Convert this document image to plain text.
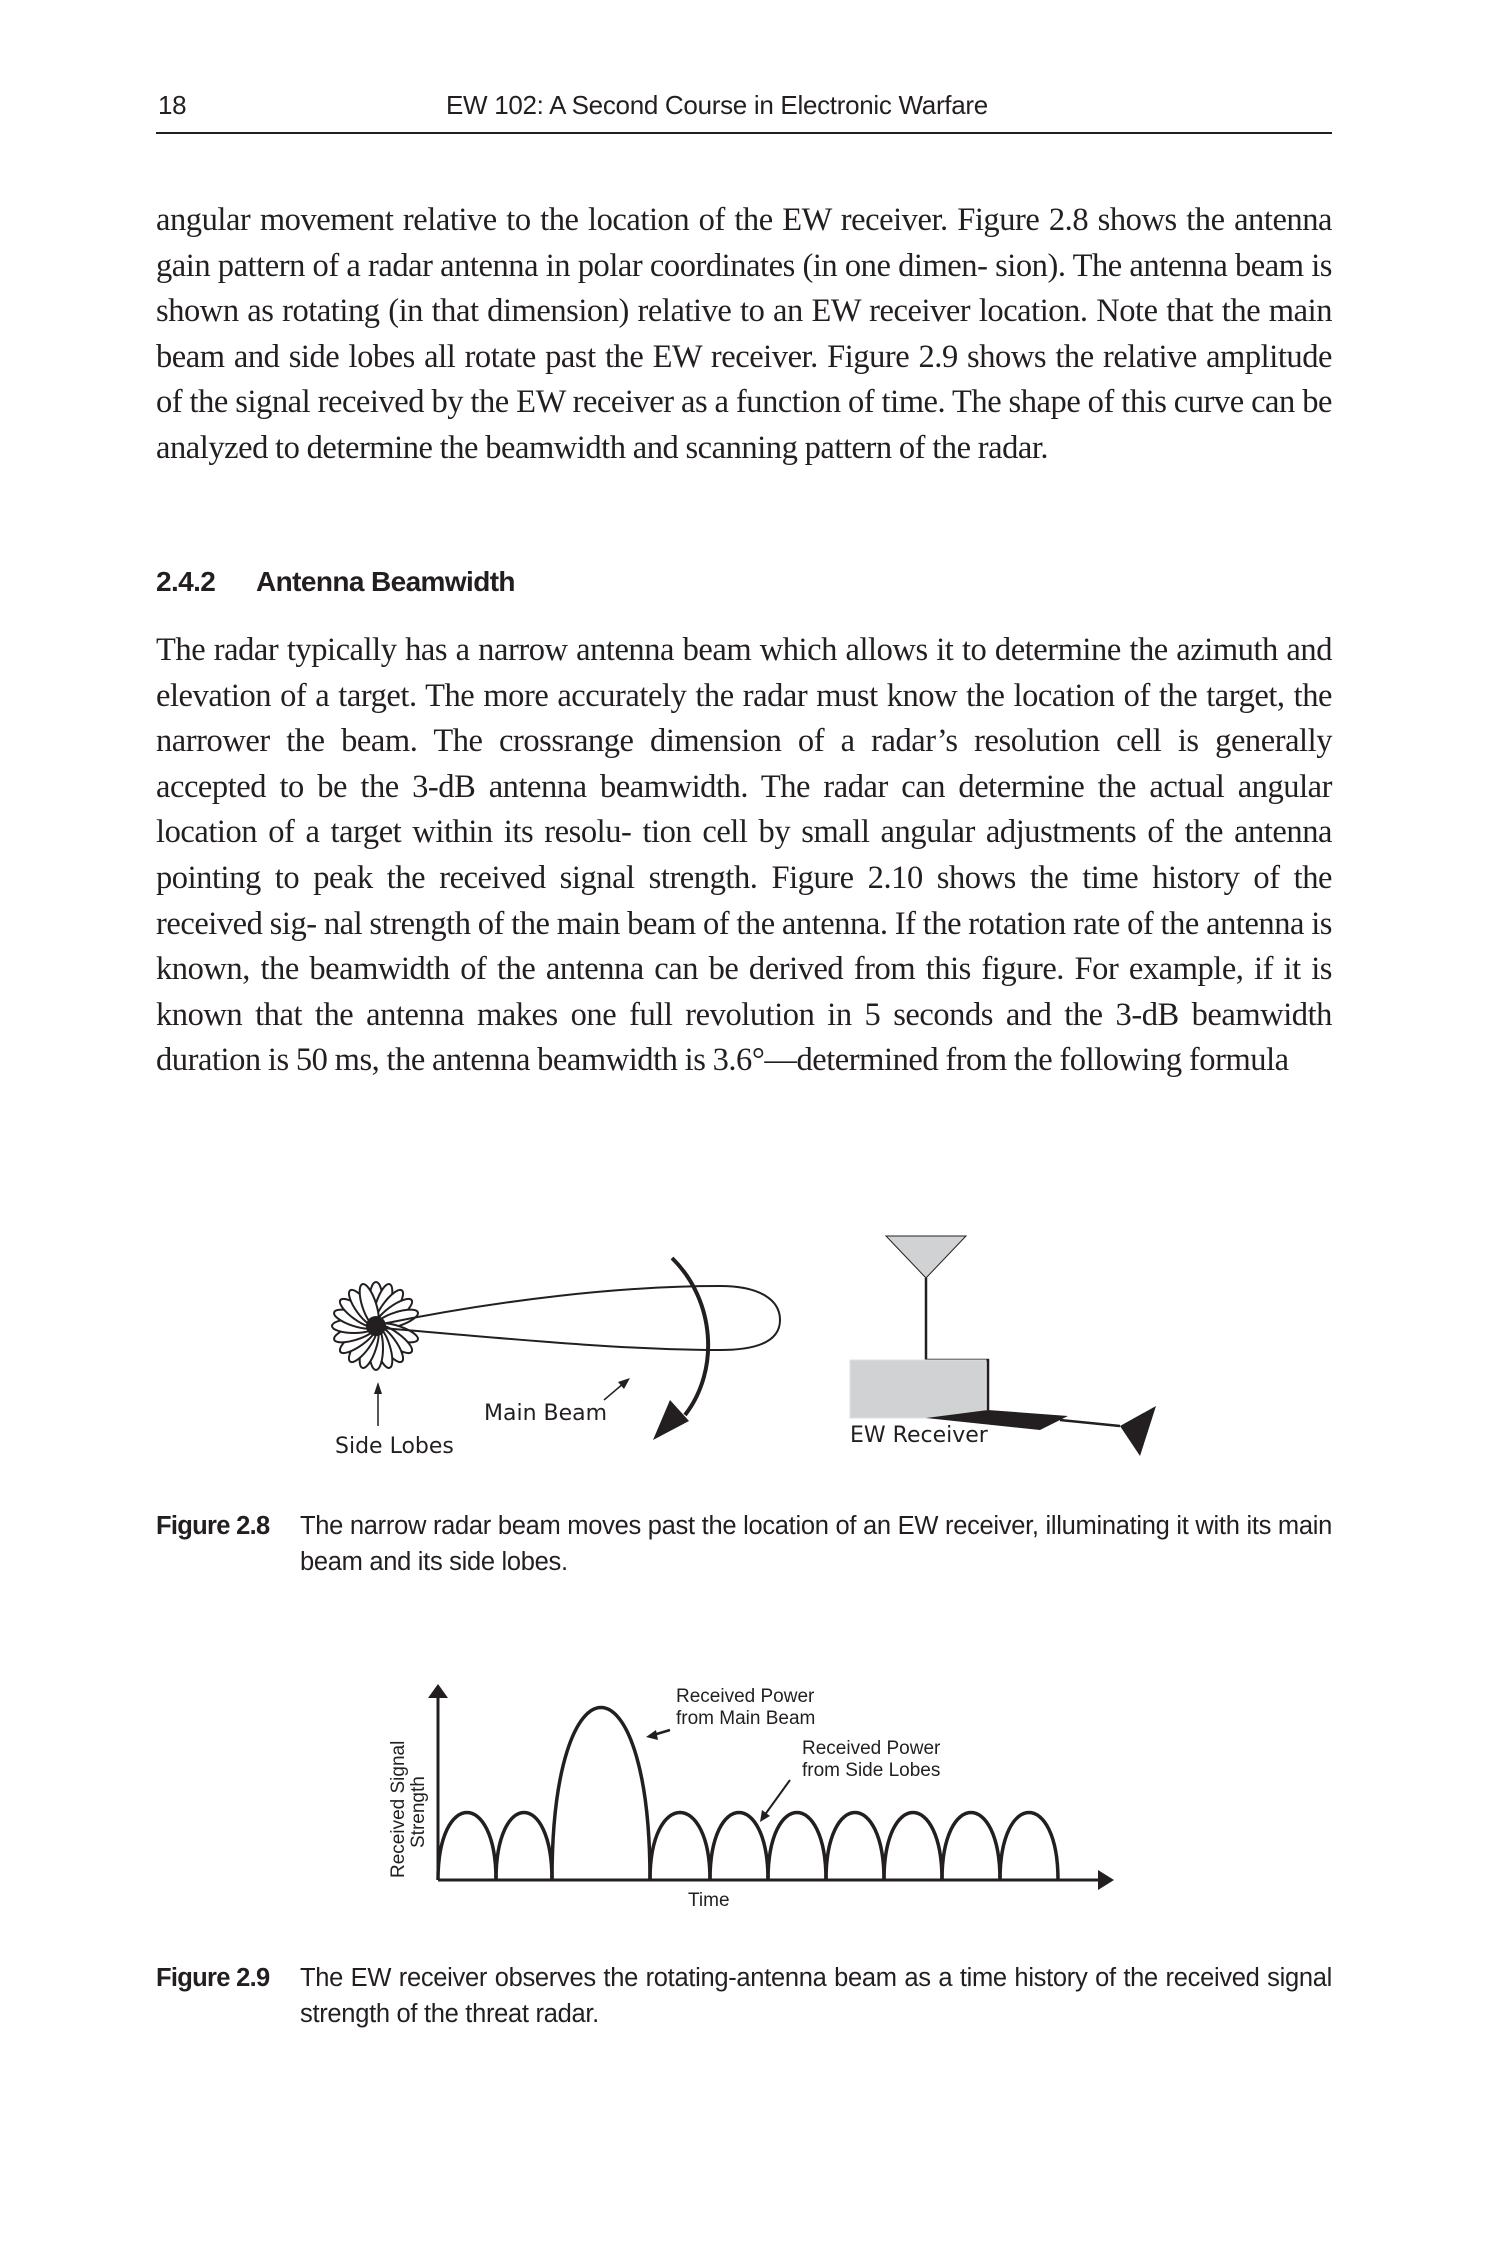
18	EW 102: A Second Course in Electronic Warfare

angular movement relative to the location of the EW receiver. Figure 2.8 shows the antenna gain pattern of a radar antenna in polar coordinates (in one dimen- sion). The antenna beam is shown as rotating (in that dimension) relative to an EW receiver location. Note that the main beam and side lobes all rotate past the EW receiver. Figure 2.9 shows the relative amplitude of the signal received by the EW receiver as a function of time. The shape of this curve can be analyzed to determine the beamwidth and scanning pattern of the radar.

2.4.2 Antenna Beamwidth

The radar typically has a narrow antenna beam which allows it to determine the azimuth and elevation of a target. The more accurately the radar must know the location of the target, the narrower the beam. The crossrange dimension of a radar’s resolution cell is generally accepted to be the 3-dB antenna beamwidth. The radar can determine the actual angular location of a target within its resolu- tion cell by small angular adjustments of the antenna pointing to peak the received signal strength. Figure 2.10 shows the time history of the received sig- nal strength of the main beam of the antenna. If the rotation rate of the antenna is known, the beamwidth of the antenna can be derived from this figure. For example, if it is known that the antenna makes one full revolution in 5 seconds and the 3-dB beamwidth duration is 50 ms, the antenna beamwidth is 3.6°—determined from the following formula

Side Lobes
Main Beam
EW Receiver
Figure 2.8 The narrow radar beam moves past the location of an EW receiver, illuminating it with its main beam and its side lobes.
Received Power
from Main Beam
Received Power
from Side Lobes
Time
Received Signal Strength
Figure 2.9 The EW receiver observes the rotating-antenna beam as a time history of the received signal strength of the threat radar.
